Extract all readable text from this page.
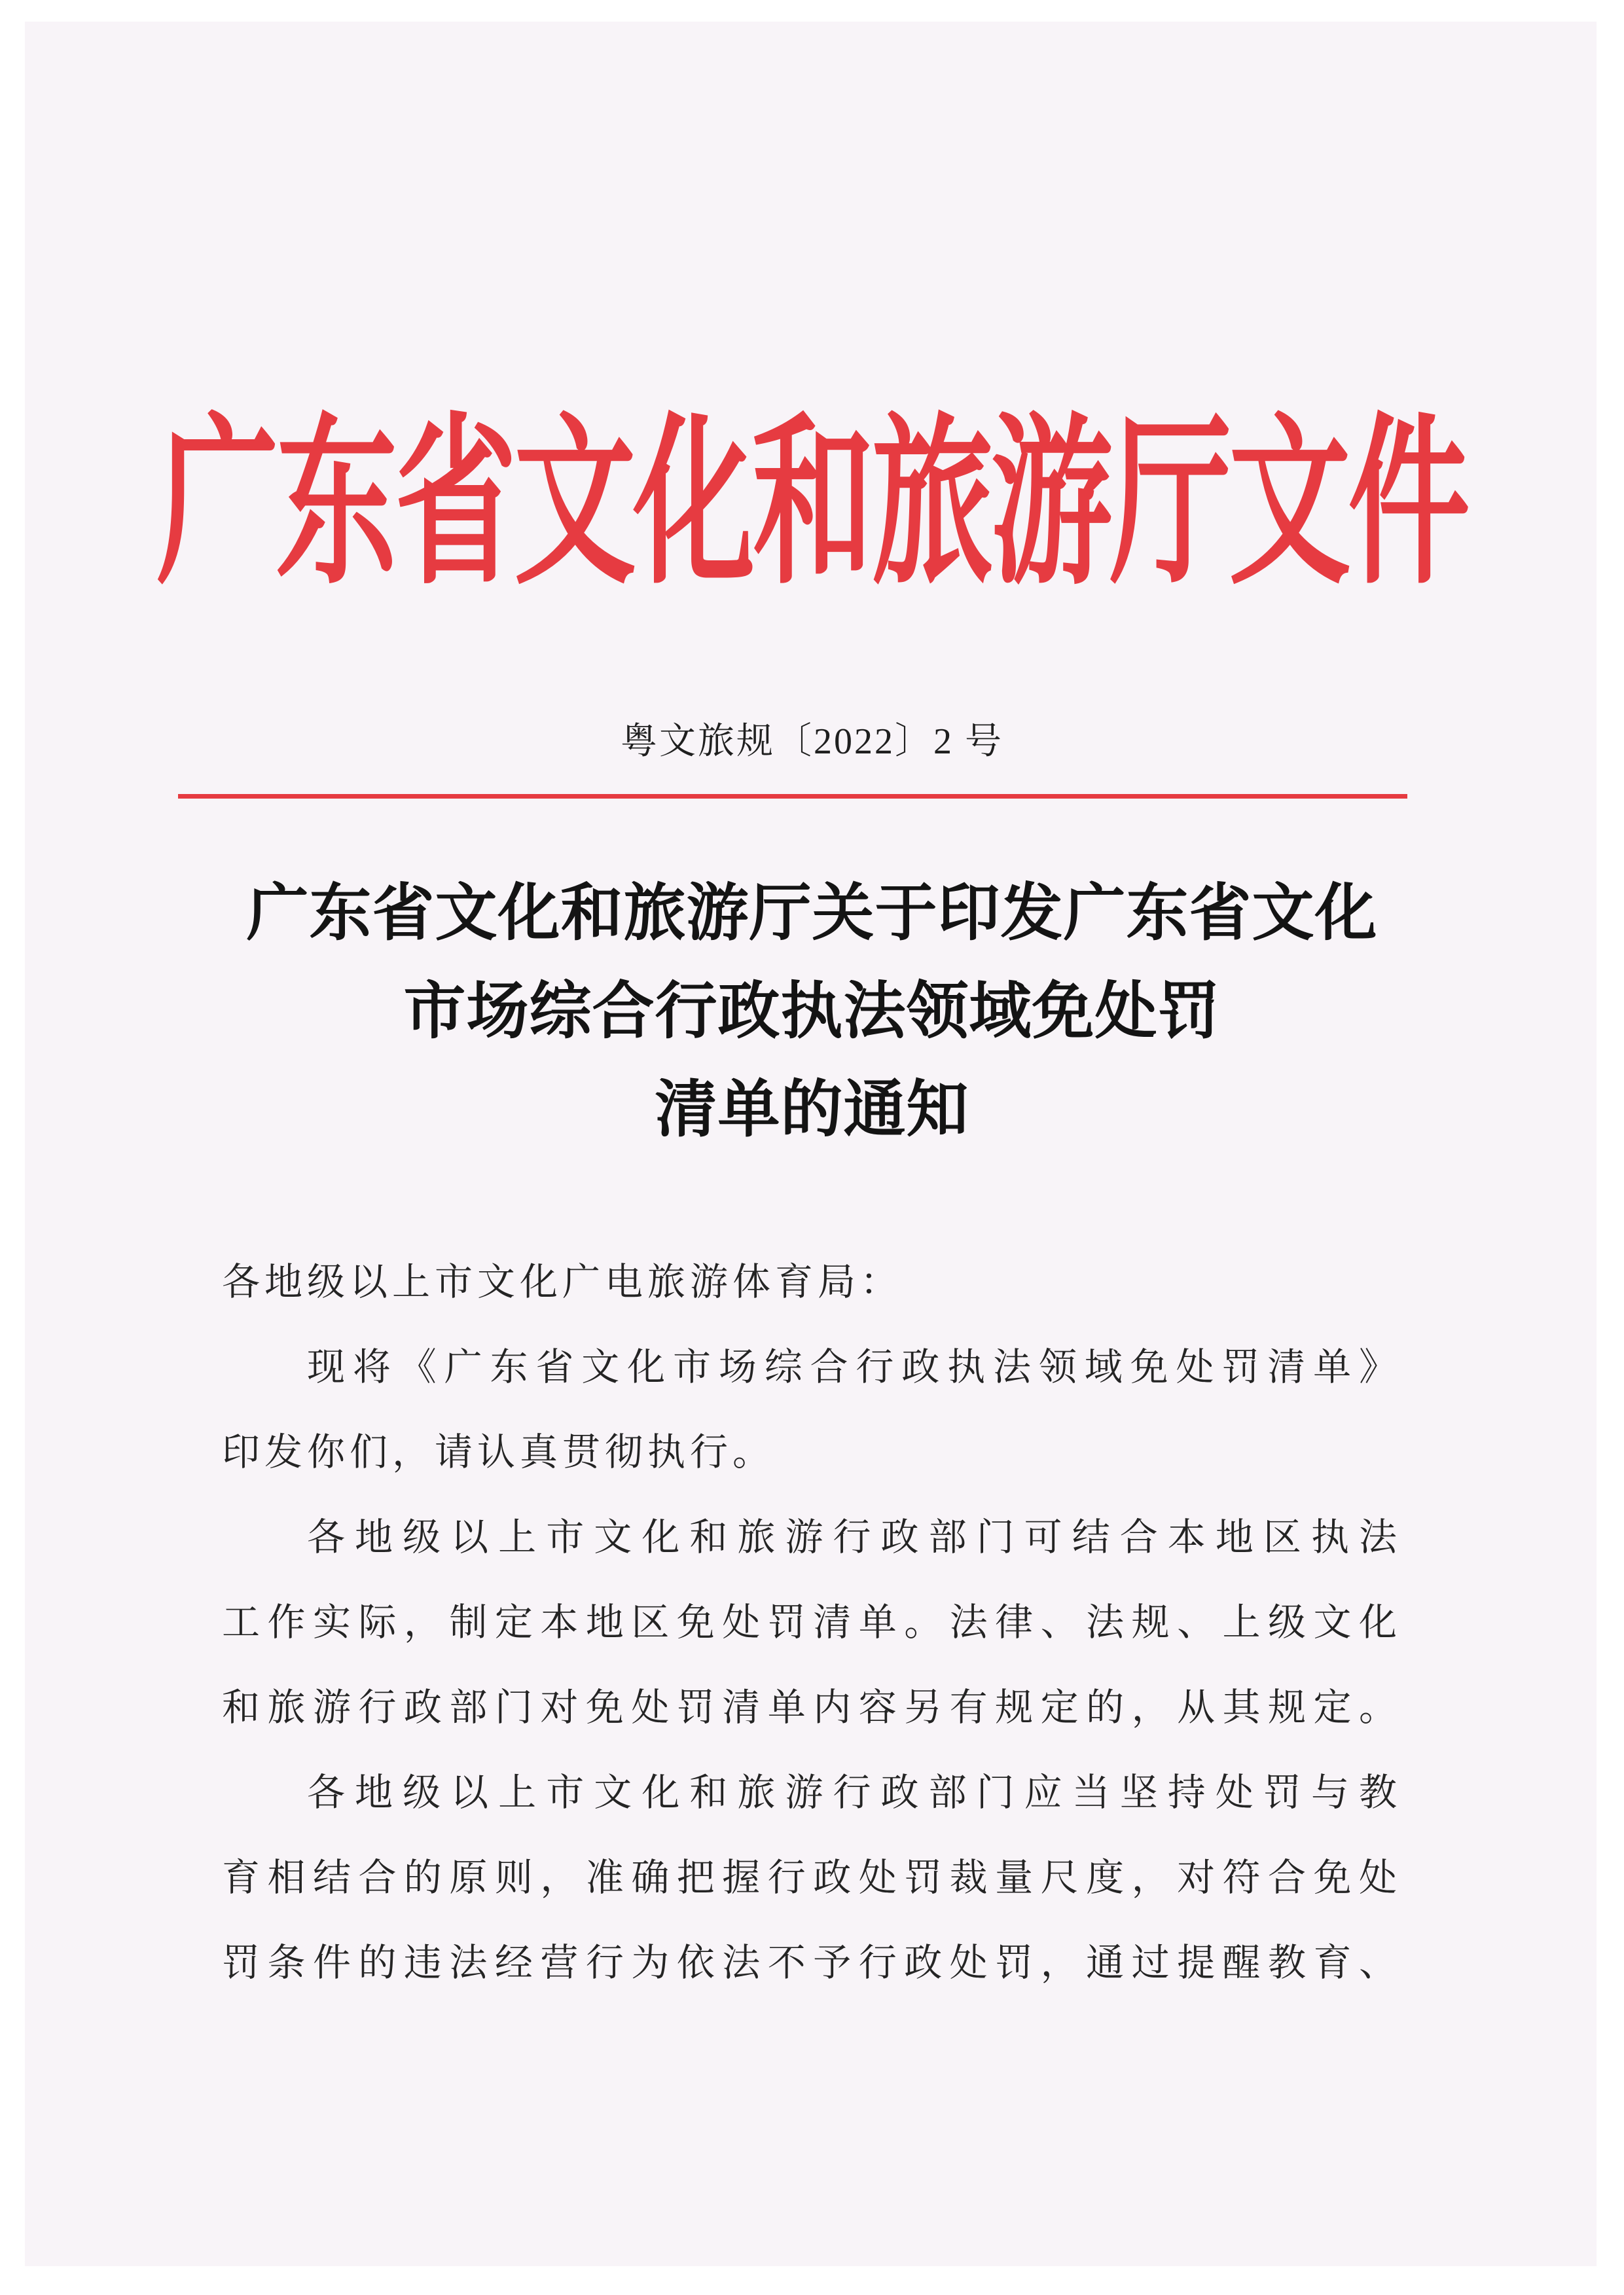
广东省文化和旅游厅文件
粤文旅规〔2022〕2 号
广东省文化和旅游厅关于印发广东省文化
市场综合行政执法领域免处罚
清单的通知
各地级以上市文化广电旅游体育局：
现将《广东省文化市场综合行政执法领域免处罚清单》
印发你们，请认真贯彻执行。
各地级以上市文化和旅游行政部门可结合本地区执法
工作实际，制定本地区免处罚清单。法律、法规、上级文化
和旅游行政部门对免处罚清单内容另有规定的，从其规定。
各地级以上市文化和旅游行政部门应当坚持处罚与教
育相结合的原则，准确把握行政处罚裁量尺度，对符合免处
罚条件的违法经营行为依法不予行政处罚，通过提醒教育、
